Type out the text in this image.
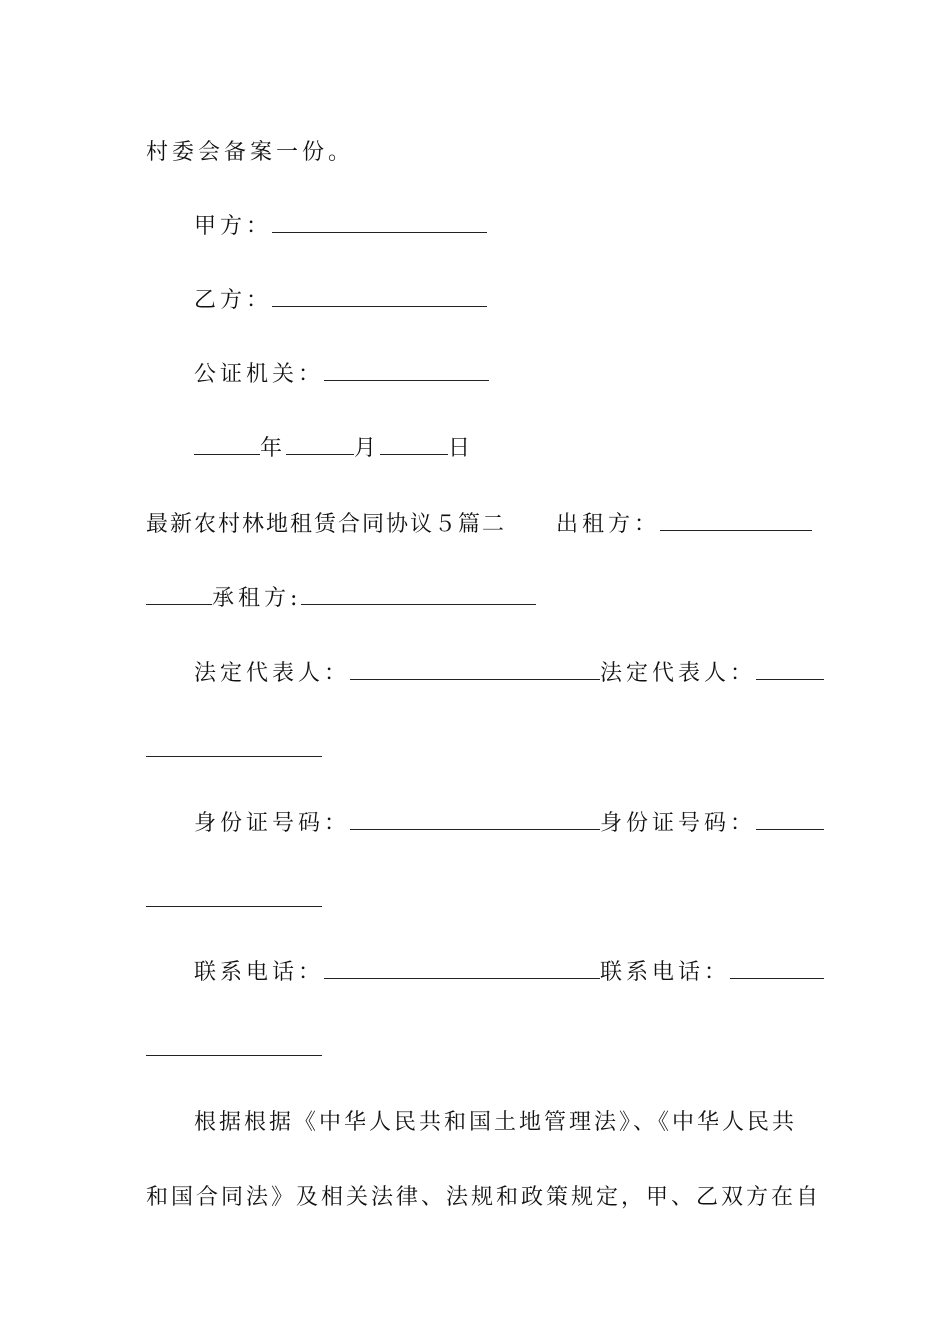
村委会备案一份。
甲方：
乙方：
公证机关：
年	月	日
最新农村林地租赁合同协议５篇二 出租方：
承租方:
法定代表人：	法定代表人：
身份证号码：	身份证号码：
联系电话：	联系电话：
根据根据《中华人民共和国土地管理法》、《中华人民共
和国合同法》及相关法律、法规和政策规定，甲、乙双方在自
